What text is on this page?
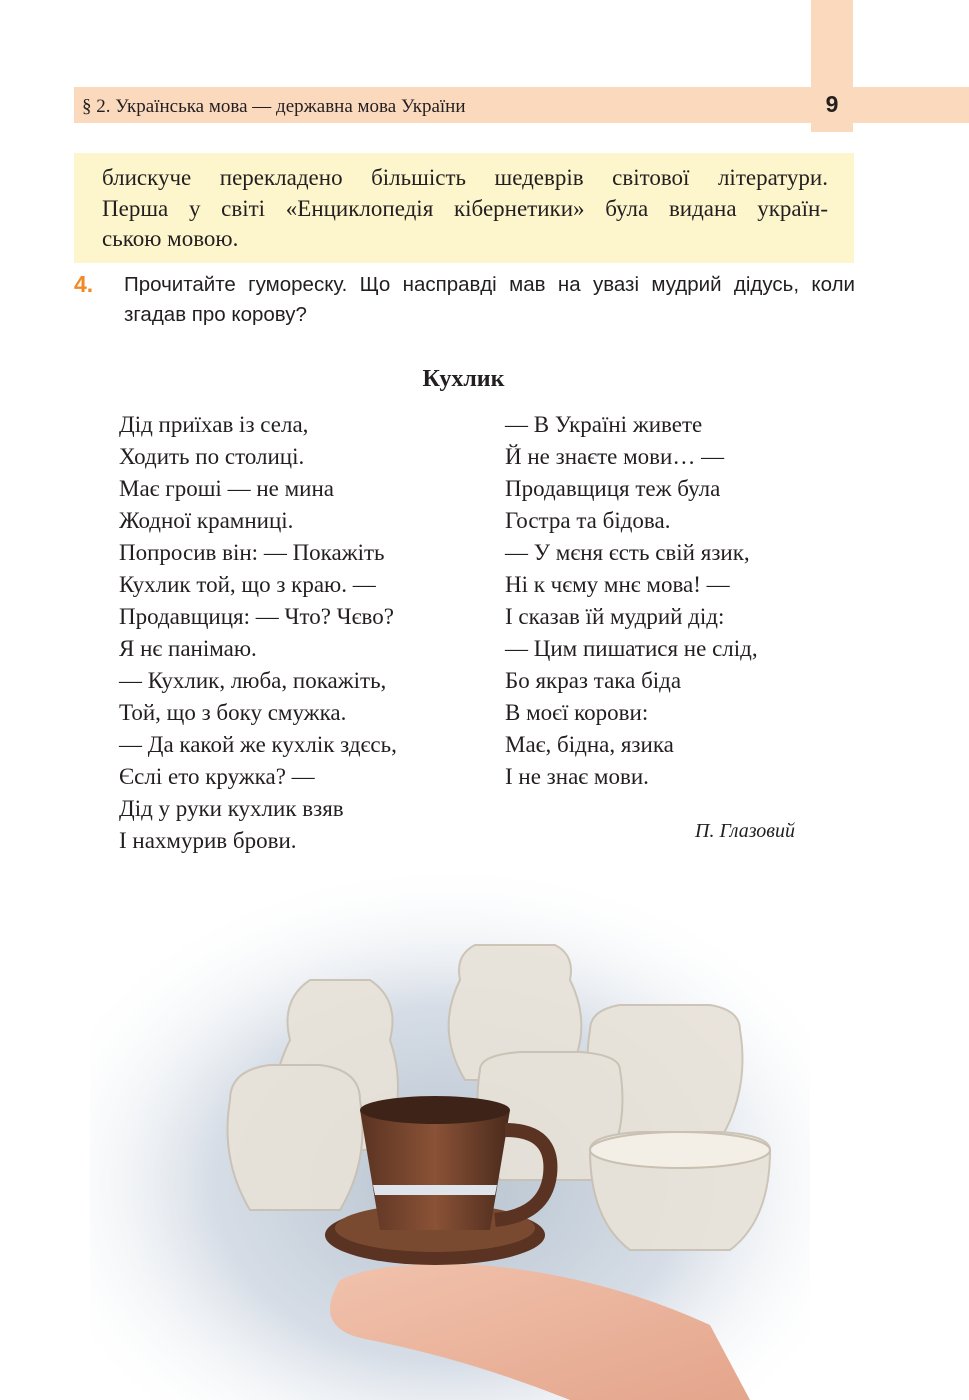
§ 2. Українська мова — державна мова України	9
блискуче перекладено більшість шедеврів світової літератури.
Перша у світі «Енциклопедія кібернетики» була видана україн-
ською мовою.
4. Прочитайте гумореску. Що насправді мав на увазі мудрий дідусь, коли
згадав про корову?
Кухлик
Дід приїхав із села,
Ходить по столиці.
Має гроші — не мина
Жодної крамниці.
Попросив він: — Покажіть
Кухлик той, що з краю. —
Продавщиця: — Что? Чєво?
Я нє панімаю.
— Кухлик, люба, покажіть,
Той, що з боку смужка.
— Да какой же кухлік здєсь,
Єслі ето кружка? —
Дід у руки кухлик взяв
І нахмурив брови.
— В Україні живете
Й не знаєте мови… —
Продавщиця теж була
Гостра та бідова.
— У мєня єсть свій язик,
Ні к чєму мнє мова! —
І сказав їй мудрий дід:
— Цим пишатися не слід,
Бо якраз така біда
В моєї корови:
Має, бідна, язика
І не знає мови.
П. Глазовий
